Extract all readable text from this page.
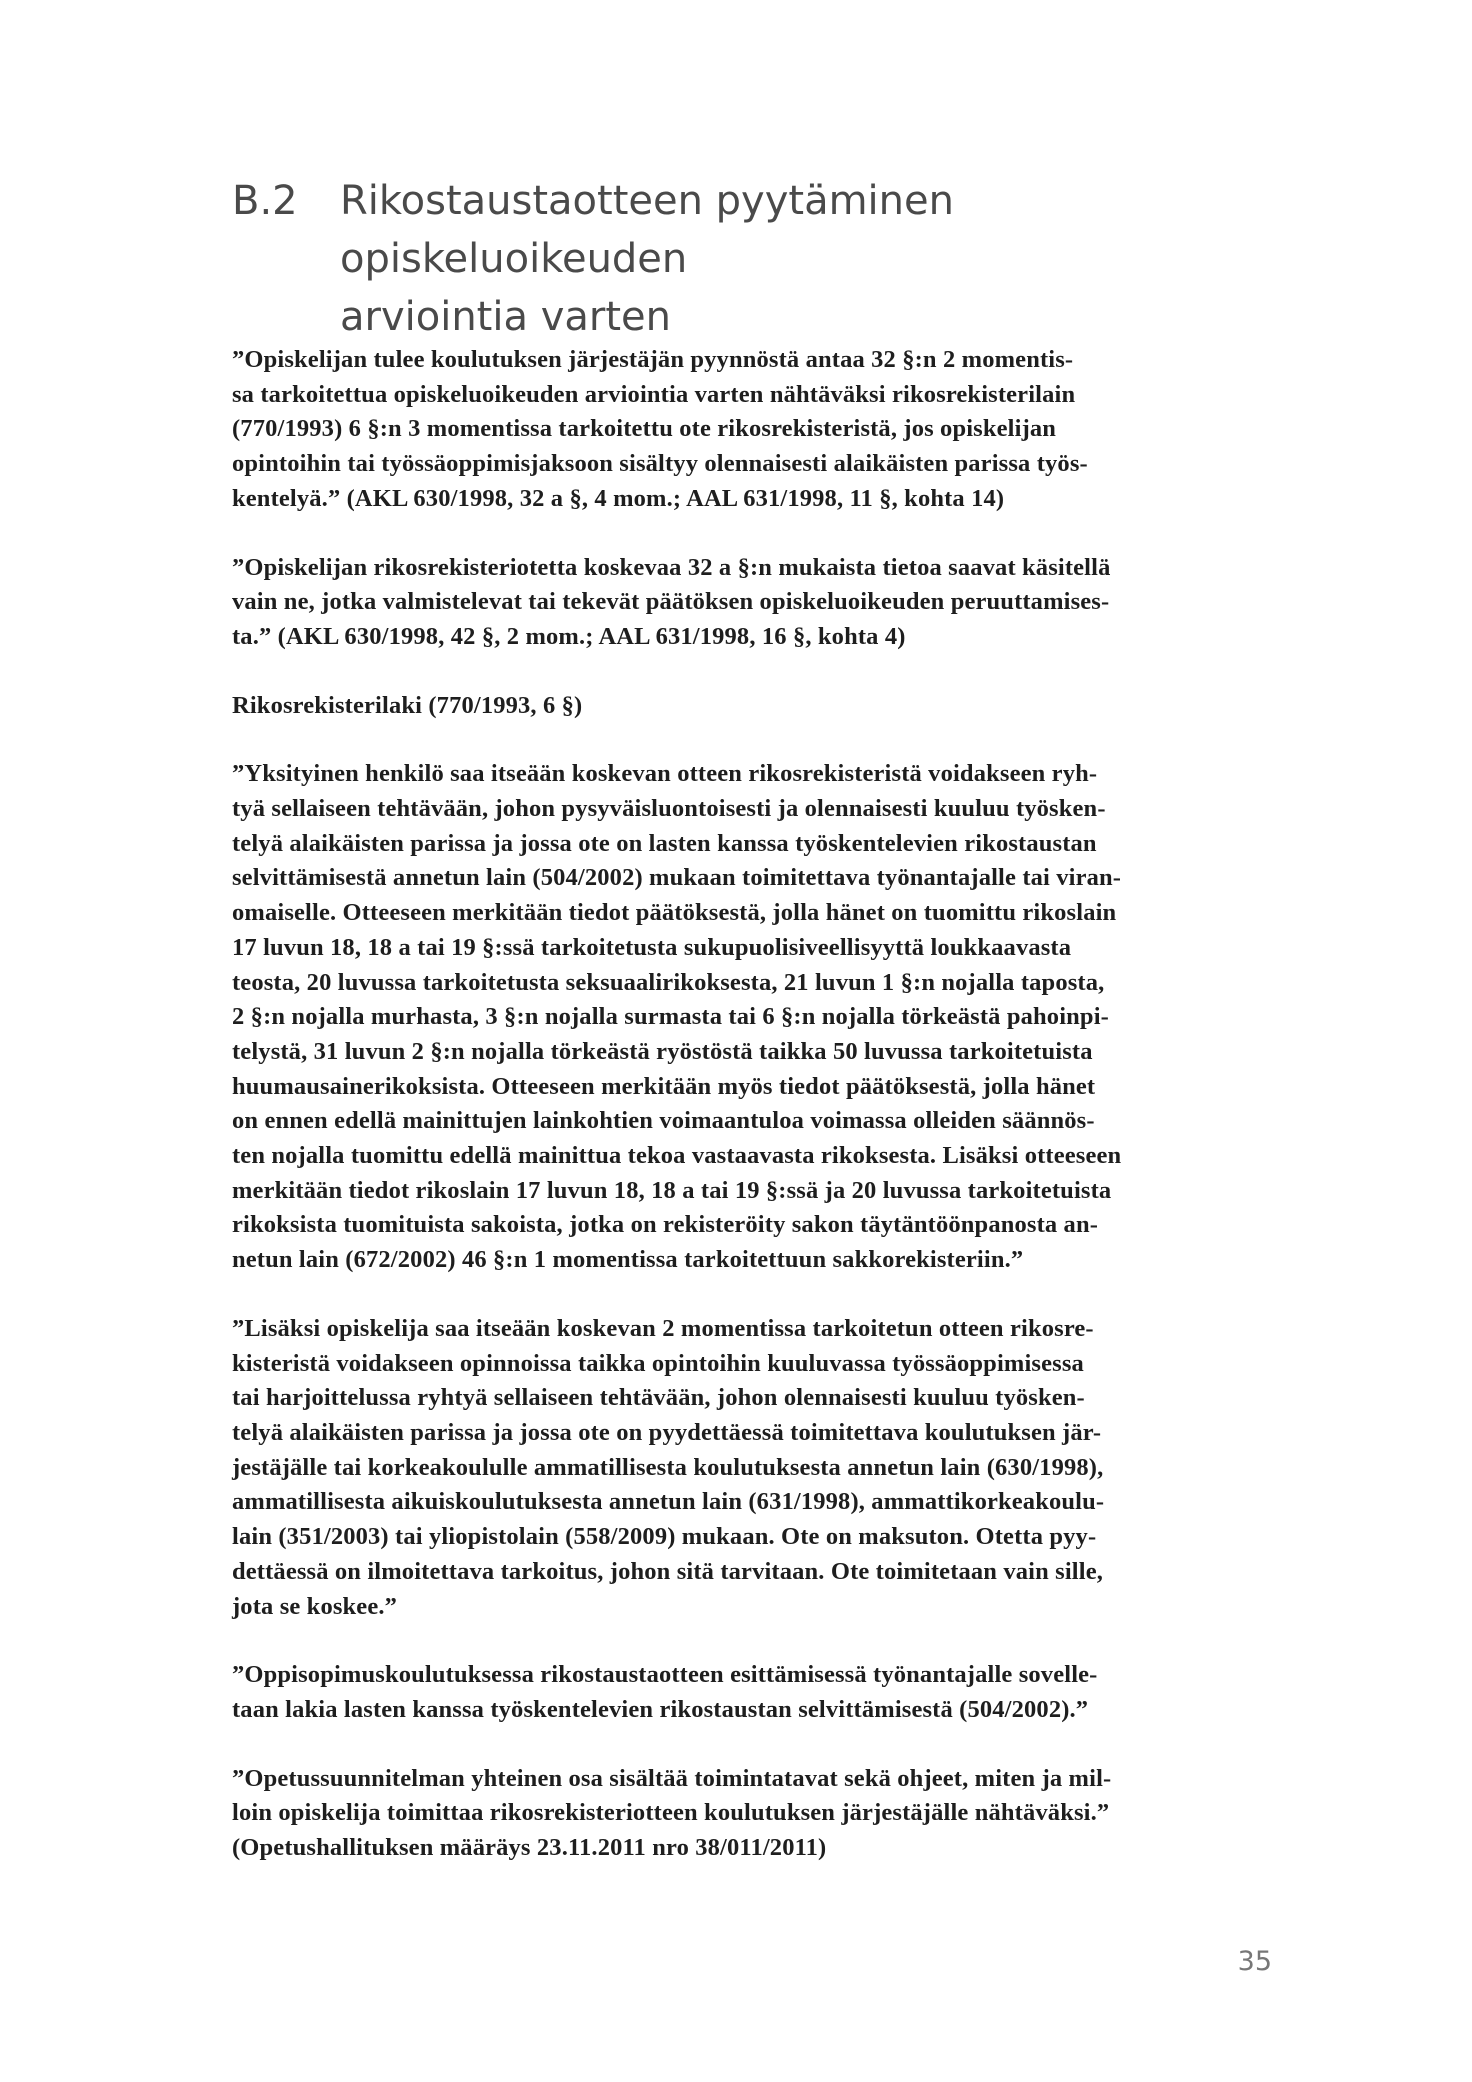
B.2	Rikostaustaotteen pyytäminen opiskeluoikeuden
arviointia varten

”Opiskelijan tulee koulutuksen järjestäjän pyynnöstä antaa 32 §:n 2 momentis-
sa tarkoitettua opiskeluoikeuden arviointia varten nähtäväksi rikosrekisterilain
(770/1993) 6 §:n 3 momentissa tarkoitettu ote rikosrekisteristä, jos opiskelijan
opintoihin tai työssäoppimisjaksoon sisältyy olennaisesti alaikäisten parissa työs-
kentelyä.” (AKL 630/1998, 32 a §, 4 mom.; AAL 631/1998, 11 §, kohta 14)

”Opiskelijan rikosrekisteriotetta koskevaa 32 a §:n mukaista tietoa saavat käsitellä
vain ne, jotka valmistelevat tai tekevät päätöksen opiskeluoikeuden peruuttamises-
ta.” (AKL 630/1998, 42 §, 2 mom.; AAL 631/1998, 16 §, kohta 4)

Rikosrekisterilaki (770/1993, 6 §)

”Yksityinen henkilö saa itseään koskevan otteen rikosrekisteristä voidakseen ryh-
tyä sellaiseen tehtävään, johon pysyväisluontoisesti ja olennaisesti kuuluu työsken-
telyä alaikäisten parissa ja jossa ote on lasten kanssa työskentelevien rikostaustan
selvittämisestä annetun lain (504/2002) mukaan toimitettava työnantajalle tai viran-
omaiselle. Otteeseen merkitään tiedot päätöksestä, jolla hänet on tuomittu rikoslain
17 luvun 18, 18 a tai 19 §:ssä tarkoitetusta sukupuolisiveellisyyttä loukkaavasta
teosta, 20 luvussa tarkoitetusta seksuaalirikoksesta, 21 luvun 1 §:n nojalla taposta,
2 §:n nojalla murhasta, 3 §:n nojalla surmasta tai 6 §:n nojalla törkeästä pahoinpi-
telystä, 31 luvun 2 §:n nojalla törkeästä ryöstöstä taikka 50 luvussa tarkoitetuista
huumausainerikoksista. Otteeseen merkitään myös tiedot päätöksestä, jolla hänet
on ennen edellä mainittujen lainkohtien voimaantuloa voimassa olleiden säännös-
ten nojalla tuomittu edellä mainittua tekoa vastaavasta rikoksesta. Lisäksi otteeseen
merkitään tiedot rikoslain 17 luvun 18, 18 a tai 19 §:ssä ja 20 luvussa tarkoitetuista
rikoksista tuomituista sakoista, jotka on rekisteröity sakon täytäntöönpanosta an-
netun lain (672/2002) 46 §:n 1 momentissa tarkoitettuun sakkorekisteriin.”

”Lisäksi opiskelija saa itseään koskevan 2 momentissa tarkoitetun otteen rikosre-
kisteristä voidakseen opinnoissa taikka opintoihin kuuluvassa työssäoppimisessa
tai harjoittelussa ryhtyä sellaiseen tehtävään, johon olennaisesti kuuluu työsken-
telyä alaikäisten parissa ja jossa ote on pyydettäessä toimitettava koulutuksen jär-
jestäjälle tai korkeakoululle ammatillisesta koulutuksesta annetun lain (630/1998),
ammatillisesta aikuiskoulutuksesta annetun lain (631/1998), ammattikorkeakoulu-
lain (351/2003) tai yliopistolain (558/2009) mukaan. Ote on maksuton. Otetta pyy-
dettäessä on ilmoitettava tarkoitus, johon sitä tarvitaan. Ote toimitetaan vain sille,
jota se koskee.”

”Oppisopimuskoulutuksessa rikostaustaotteen esittämisessä työnantajalle sovelle-
taan lakia lasten kanssa työskentelevien rikostaustan selvittämisestä (504/2002).”

”Opetussuunnitelman yhteinen osa sisältää toimintatavat sekä ohjeet, miten ja mil-
loin opiskelija toimittaa rikosrekisteriotteen koulutuksen järjestäjälle nähtäväksi.”
(Opetushallituksen määräys 23.11.2011 nro 38/011/2011)

35
